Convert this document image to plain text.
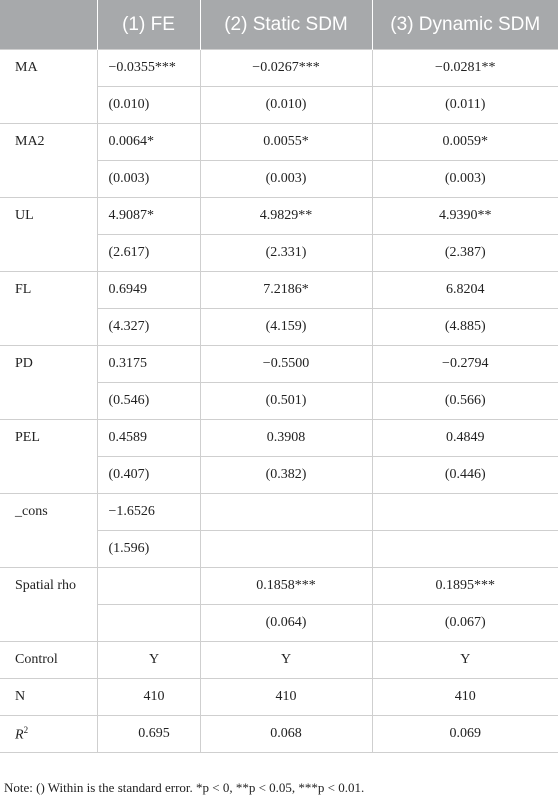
	(1) FE	(2) Static SDM	(3) Dynamic SDM
MA	−0.0355***	−0.0267***	−0.0281**
	(0.010)	(0.010)	(0.011)
MA2	0.0064*	0.0055*	0.0059*
	(0.003)	(0.003)	(0.003)
UL	4.9087*	4.9829**	4.9390**
	(2.617)	(2.331)	(2.387)
FL	0.6949	7.2186*	6.8204
	(4.327)	(4.159)	(4.885)
PD	0.3175	−0.5500	−0.2794
	(0.546)	(0.501)	(0.566)
PEL	0.4589	0.3908	0.4849
	(0.407)	(0.382)	(0.446)
_cons	−1.6526		
	(1.596)		
Spatial rho		0.1858***	0.1895***
		(0.064)	(0.067)
Control	Y	Y	Y
N	410	410	410
$R^2$	0.695	0.068	0.069
Note: () Within is the standard error. *p < 0, **p < 0.05, ***p < 0.01.
